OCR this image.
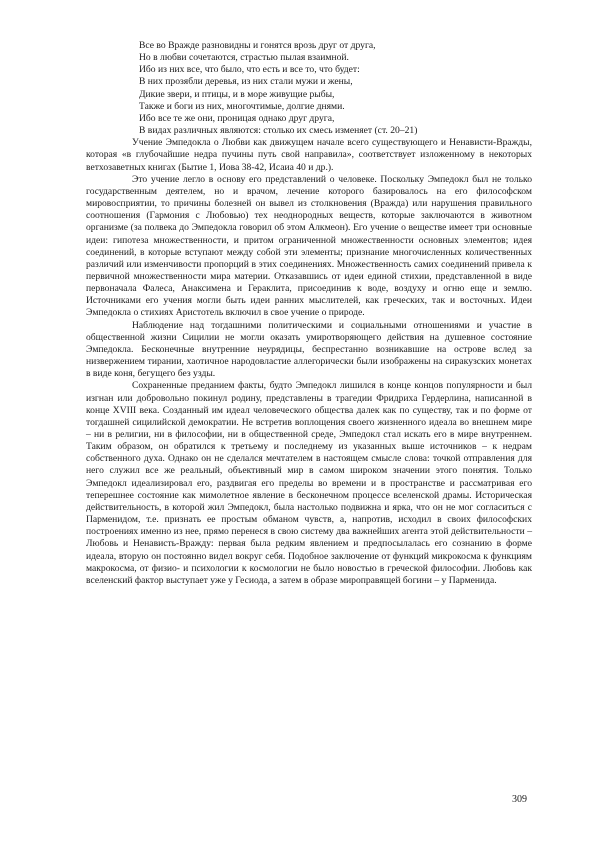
Все во Вражде разновидны и гонятся врозь друг от друга,
Но в любви сочетаются, страстью пылая взаимной.
Ибо из них все, что было, что есть и все то, что будет:
В них прозябли деревья, из них стали мужи и жены,
Дикие звери, и птицы, и в море живущие рыбы,
Также и боги из них, многочтимые, долгие днями.
Ибо все те же они, проницая однако друг друга,
В видах различных являются: столько их смесь изменяет (ст. 20–21)

Учение Эмпедокла о Любви как движущем начале всего существующего и Ненависти-Вражды, которая «в глубочайшие недра пучины путь свой направила», соответствует изложенному в некоторых ветхозаветных книгах (Бытие 1, Иова 38-42, Исаиа 40 и др.).

Это учение легло в основу его представлений о человеке. Поскольку Эмпедокл был не только государственным деятелем, но и врачом, лечение которого базировалось на его философском мировосприятии, то причины болезней он вывел из столкновения (Вражда) или нарушения правильного соотношения (Гармония с Любовью) тех неоднородных веществ, которые заключаются в животном организме (за полвека до Эмпедокла говорил об этом Алкмеон). Его учение о веществе имеет три основные идеи: гипотеза множественности, и притом ограниченной множественности основных элементов; идея соединений, в которые вступают между собой эти элементы; признание многочисленных количественных различий или изменчивости пропорций в этих соединениях. Множественность самих соединений привела к первичной множественности мира материи. Отказавшись от идеи единой стихии, представленной в виде первоначала Фалеса, Анаксимена и Гераклита, присоединив к воде, воздуху и огню еще и землю. Источниками его учения могли быть идеи ранних мыслителей, как греческих, так и восточных. Идеи Эмпедокла о стихиях Аристотель включил в свое учение о природе.

Наблюдение над тогдашними политическими и социальными отношениями и участие в общественной жизни Сицилии не могли оказать умиротворяющего действия на душевное состояние Эмпедокла. Бесконечные внутренние неурядицы, беспрестанно возникавшие на острове вслед за низвержением тирании, хаотичное народовластие аллегорически были изображены на сиракузских монетах в виде коня, бегущего без узды.

Сохраненные преданием факты, будто Эмпедокл лишился в конце концов популярности и был изгнан или добровольно покинул родину, представлены в трагедии Фридриха Гердерлина, написанной в конце XVIII века. Созданный им идеал человеческого общества далек как по существу, так и по форме от тогдашней сицилийской демократии. Не встретив воплощения своего жизненного идеала во внешнем мире – ни в религии, ни в философии, ни в общественной среде, Эмпедокл стал искать его в мире внутреннем. Таким образом, он обратился к третьему и последнему из указанных выше источников – к недрам собственного духа. Однако он не сделался мечтателем в настоящем смысле слова: точкой отправления для него служил все же реальный, объективный мир в самом широком значении этого понятия. Только Эмпедокл идеализировал его, раздвигая его пределы во времени и в пространстве и рассматривая его теперешнее состояние как мимолетное явление в бесконечном процессе вселенской драмы. Историческая действительность, в которой жил Эмпедокл, была настолько подвижна и ярка, что он не мог согласиться с Парменидом, т.е. признать ее простым обманом чувств, а, напротив, исходил в своих философских построениях именно из нее, прямо перенеся в свою систему два важнейших агента этой действительности – Любовь и Ненависть-Вражду: первая была редким явлением и предпосылалась его сознанию в форме идеала, вторую он постоянно видел вокруг себя. Подобное заключение от функций микрокосма к функциям макрокосма, от физио- и психологии к космологии не было новостью в греческой философии. Любовь как вселенский фактор выступает уже у Гесиода, а затем в образе мироправящей богини – у Парменида.

309
